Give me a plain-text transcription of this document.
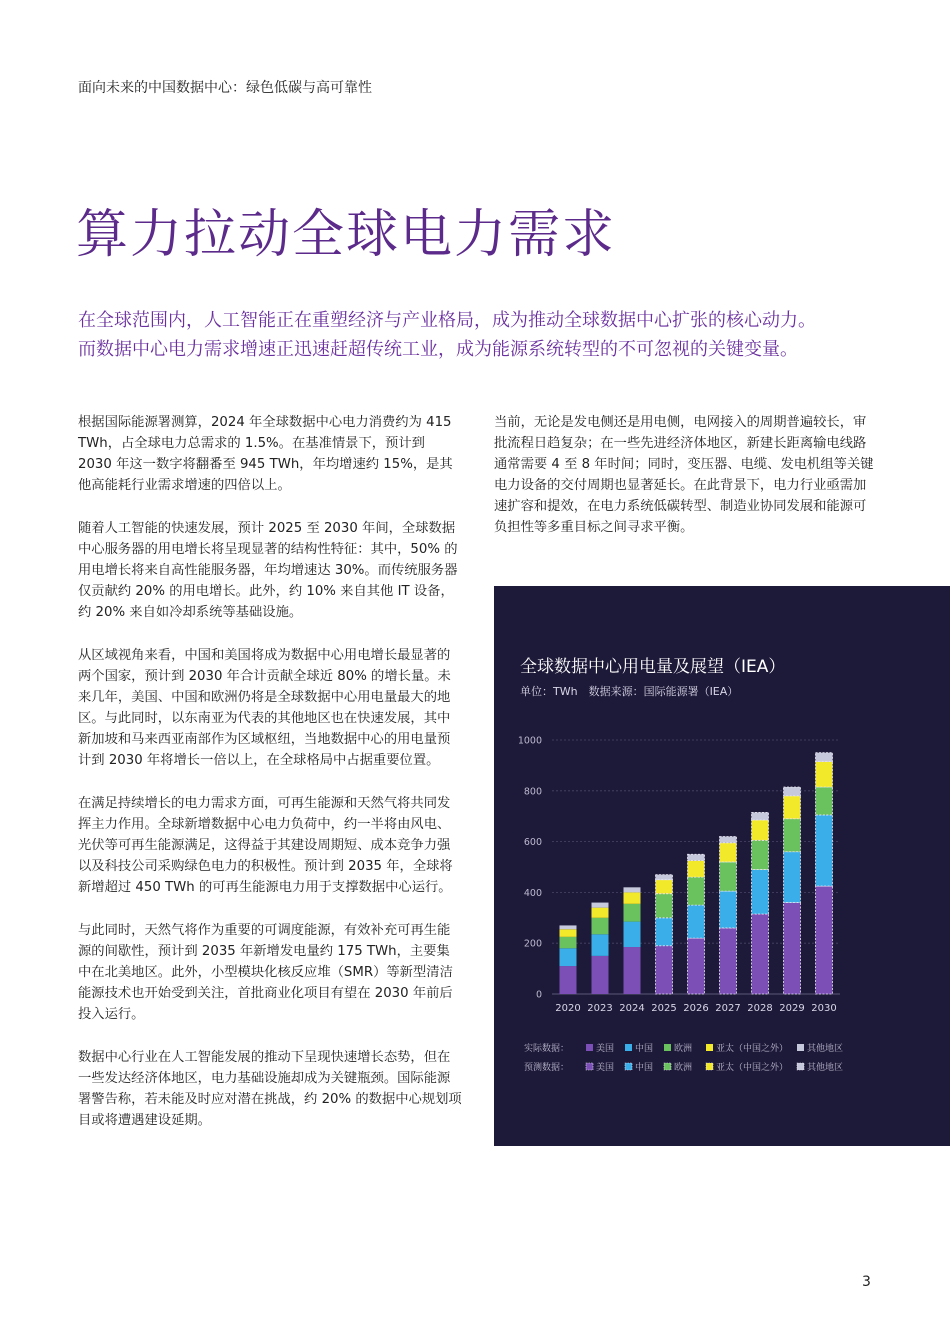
面向未来的中国数据中心：绿色低碳与高可靠性
算力拉动全球电力需求
在全球范围内，人工智能正在重塑经济与产业格局，成为推动全球数据中心扩张的核心动力。
而数据中心电力需求增速正迅速赶超传统工业，成为能源系统转型的不可忽视的关键变量。

根据国际能源署测算，2024 年全球数据中心电力消费约为 415 TWh，占全球电力总需求的 1.5%。在基准情景下，预计到 2030 年这一数字将翻番至 945 TWh，年均增速约 15%，是其他高能耗行业需求增速的四倍以上。

随着人工智能的快速发展，预计 2025 至 2030 年间，全球数据中心服务器的用电增长将呈现显著的结构性特征：其中，50% 的用电增长将来自高性能服务器，年均增速达 30%。而传统服务器仅贡献约 20% 的用电增长。此外，约 10% 来自其他 IT 设备，约 20% 来自如冷却系统等基础设施。

从区域视角来看，中国和美国将成为数据中心用电增长最显著的两个国家，预计到 2030 年合计贡献全球近 80% 的增长量。未来几年，美国、中国和欧洲仍将是全球数据中心用电量最大的地区。与此同时，以东南亚为代表的其他地区也在快速发展，其中新加坡和马来西亚南部作为区域枢纽，当地数据中心的用电量预计到 2030 年将增长一倍以上，在全球格局中占据重要位置。

在满足持续增长的电力需求方面，可再生能源和天然气将共同发挥主力作用。全球新增数据中心电力负荷中，约一半将由风电、光伏等可再生能源满足，这得益于其建设周期短、成本竞争力强以及科技公司采购绿色电力的积极性。预计到 2035 年，全球将新增超过 450 TWh 的可再生能源电力用于支撑数据中心运行。

与此同时，天然气将作为重要的可调度能源，有效补充可再生能源的间歇性，预计到 2035 年新增发电量约 175 TWh，主要集中在北美地区。此外，小型模块化核反应堆（SMR）等新型清洁能源技术也开始受到关注，首批商业化项目有望在 2030 年前后投入运行。

数据中心行业在人工智能发展的推动下呈现快速增长态势，但在一些发达经济体地区，电力基础设施却成为关键瓶颈。国际能源署警告称，若未能及时应对潜在挑战，约 20% 的数据中心规划项目或将遭遇建设延期。

当前，无论是发电侧还是用电侧，电网接入的周期普遍较长，审批流程日趋复杂；在一些先进经济体地区，新建长距离输电线路通常需要 4 至 8 年时间；同时，变压器、电缆、发电机组等关键电力设备的交付周期也显著延长。在此背景下，电力行业亟需加速扩容和提效，在电力系统低碳转型、制造业协同发展和能源可负担性等多重目标之间寻求平衡。

全球数据中心用电量及展望（IEA）
单位：TWh　数据来源：国际能源署（IEA）
0
200
400
600
800
1000
2020 2023 2024 2025 2026 2027 2028 2029 2030
实际数据：	美国 中国 欧洲	亚太（中国之外） 其他地区
预测数据：	美国 中国 欧洲	亚太（中国之外） 其他地区
3
